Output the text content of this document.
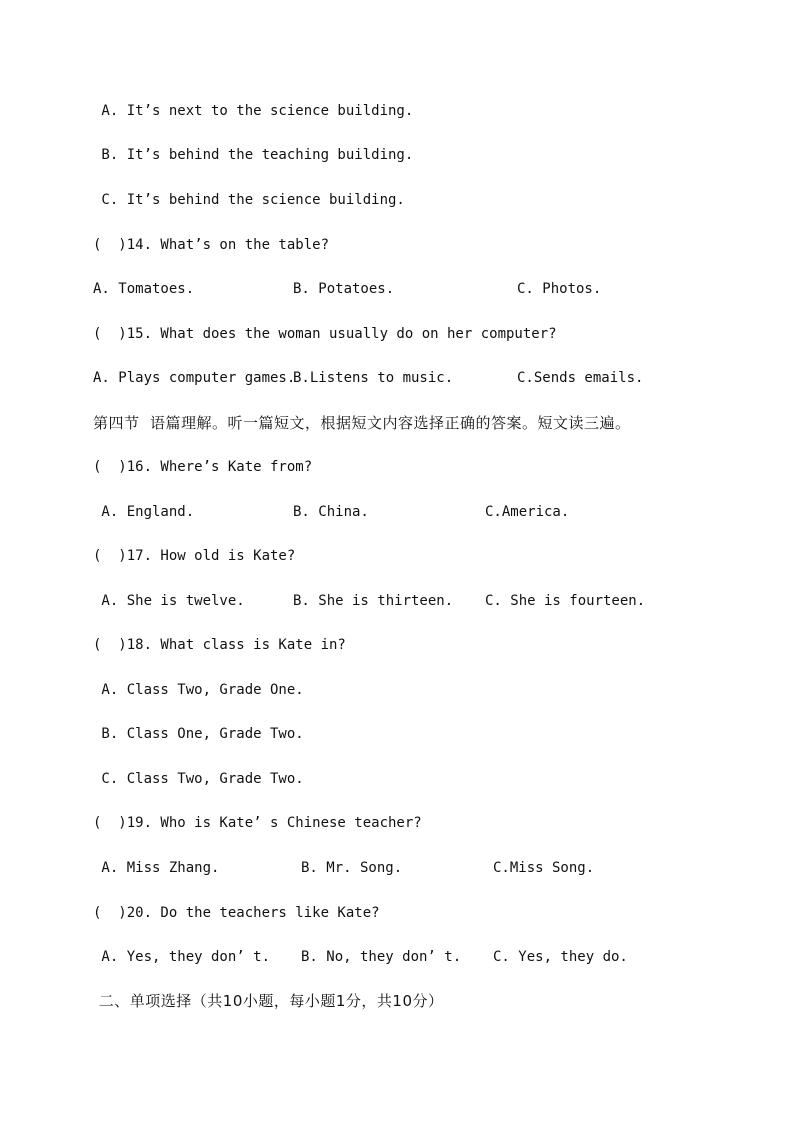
A. It’s next to the science building.

B. It’s behind the teaching building.

C. It’s behind the science building.

(  )14. What’s on the table?

A. Tomatoes.

	B. Potatoes.

	C. Photos.

(  )15. What does the woman usually do on her computer?

A. Plays computer games.

B.Listens to music.

	C.Sends emails.

第四节  语篇理解。听一篇短文，根据短文内容选择正确的答案。短文读三遍。

(  )16. Where’s Kate from?

A. England.

	B. China.

	C.America.

(  )17. How old is Kate?

A. She is twelve.

	B. She is thirteen.

C. She is fourteen.

(  )18. What class is Kate in?

A. Class Two, Grade One.

B. Class One, Grade Two.

C. Class Two, Grade Two.

(  )19. Who is Kate’ s Chinese teacher?

A. Miss Zhang.

	B. Mr. Song.

	C.Miss Song.

(  )20. Do the teachers like Kate?

A. Yes, they don’ t.

B. No, they don’ t.

C. Yes, they do.

二、单项选择（共10小题，每小题1分，共10分）
